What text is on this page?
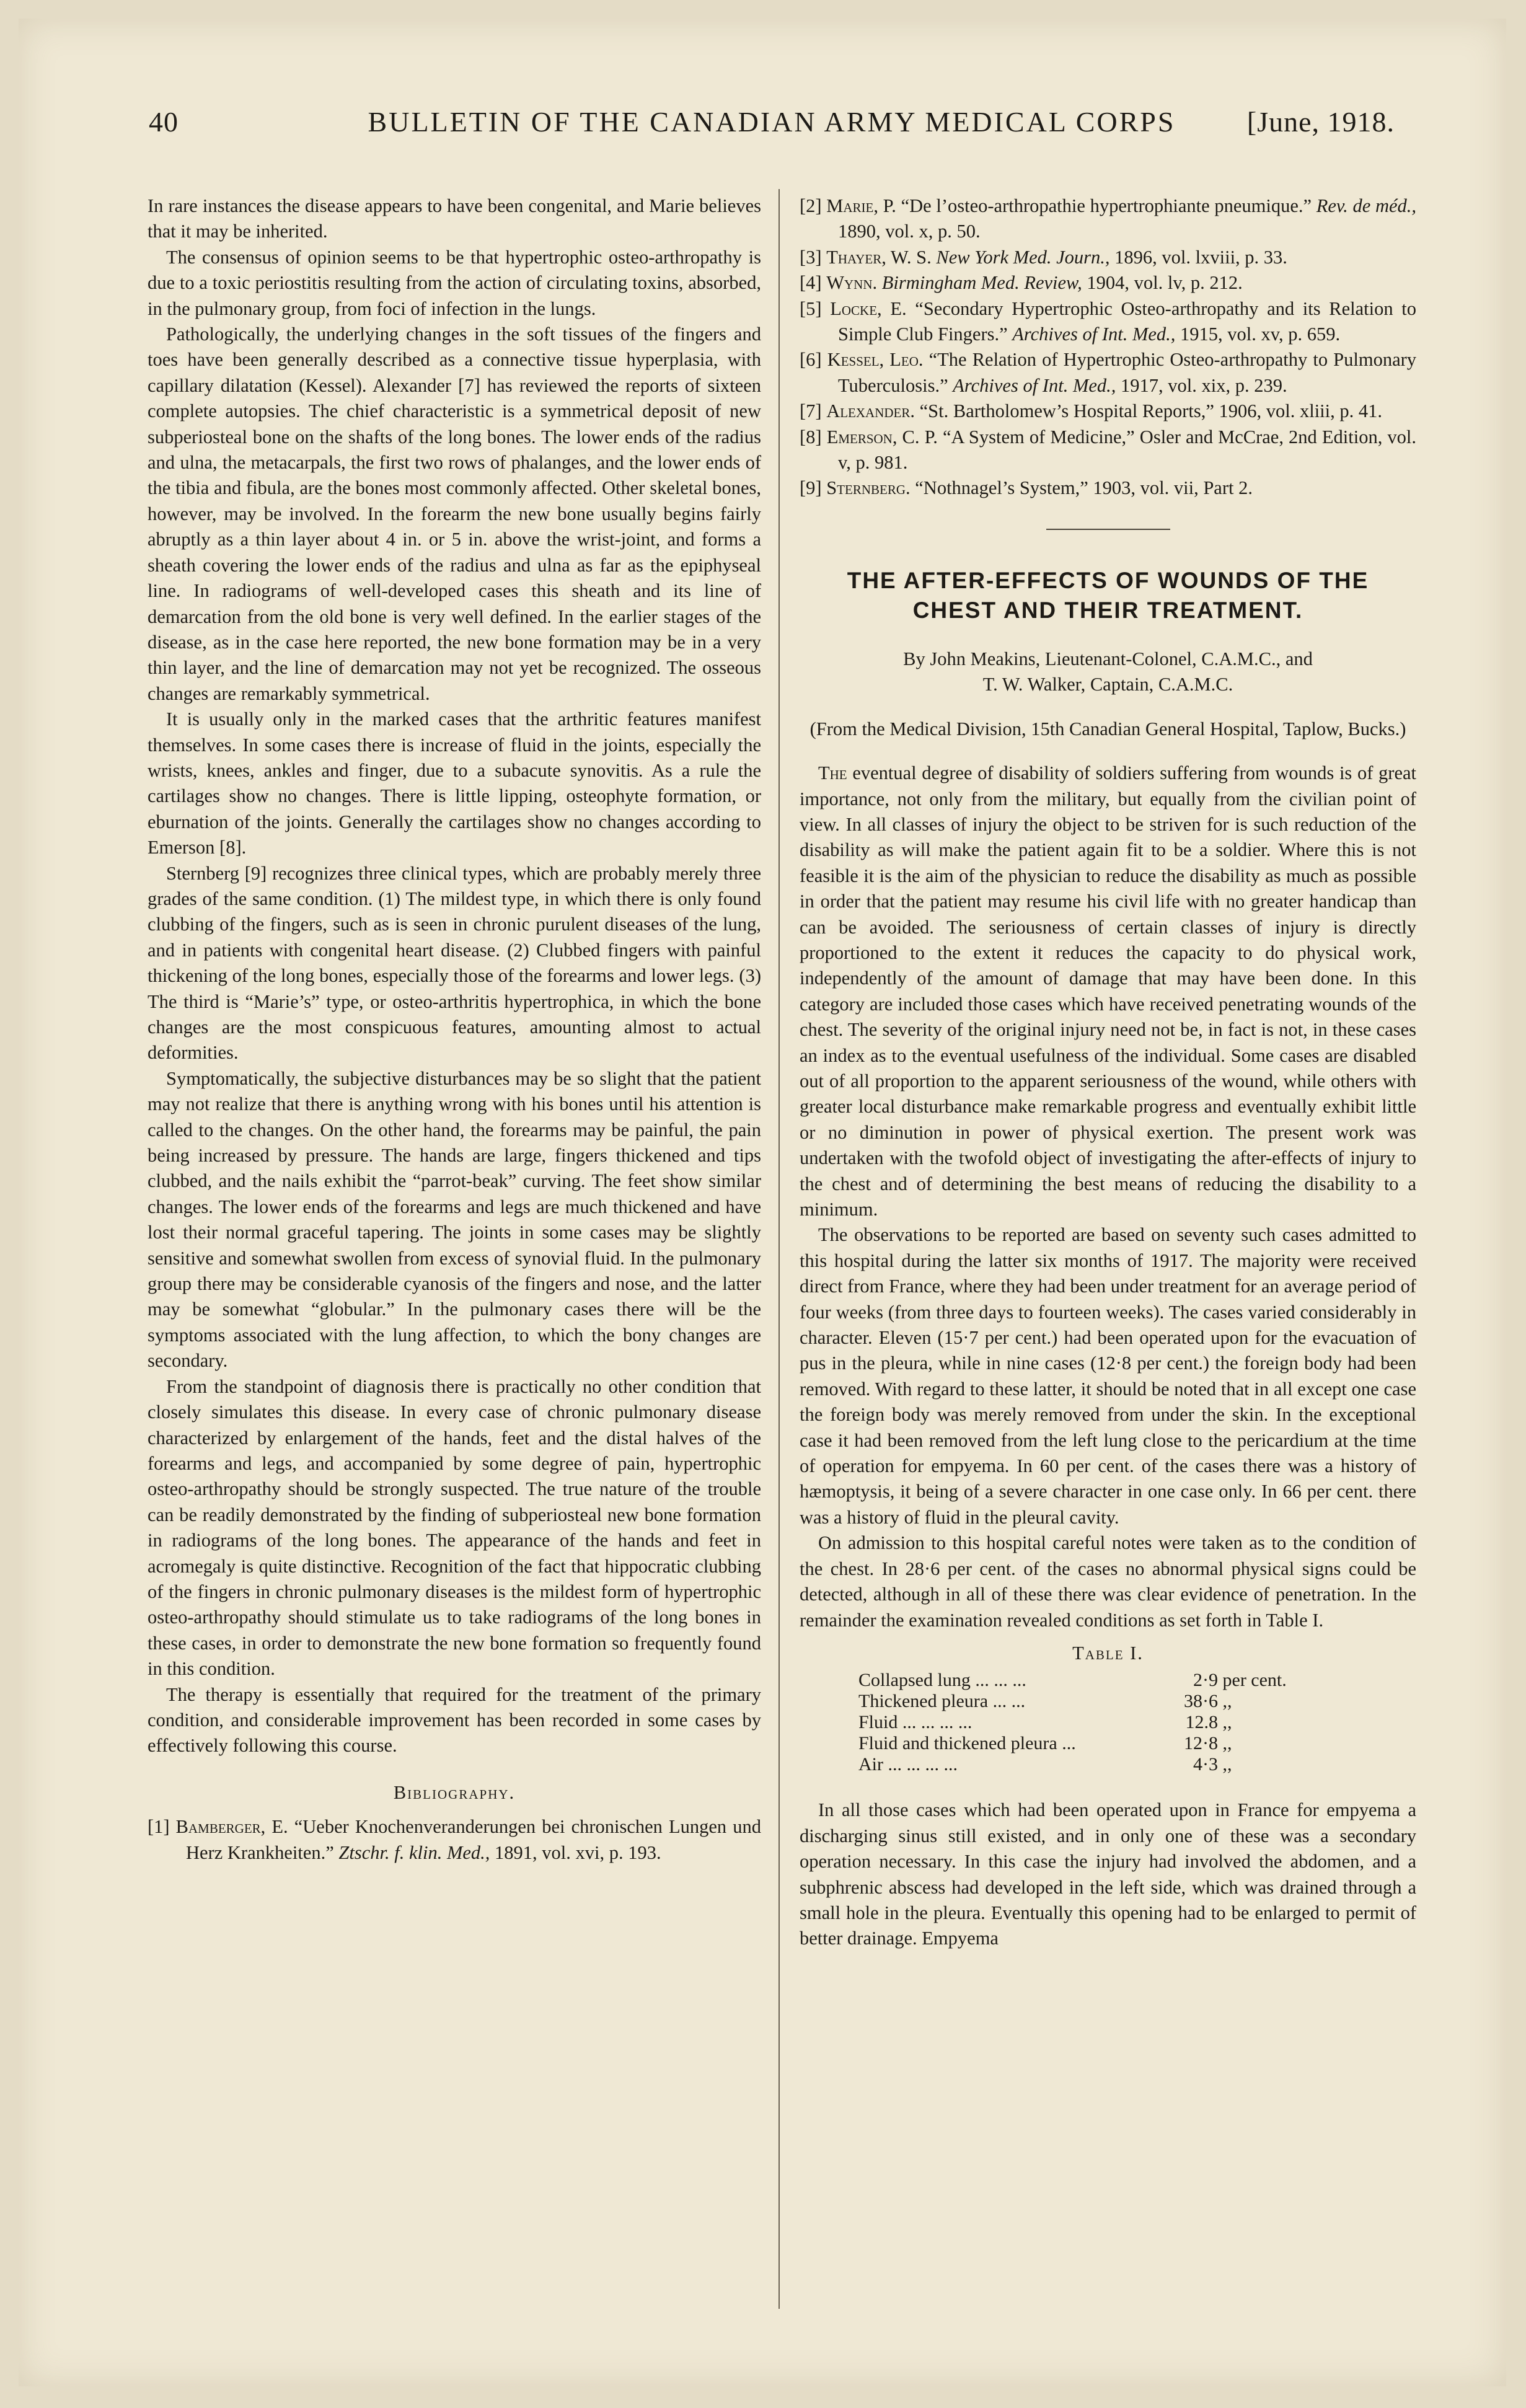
40	BULLETIN OF THE CANADIAN ARMY MEDICAL CORPS	[June, 1918.

In rare instances the disease appears to have been congenital, and Marie believes that it may be inherited.

The consensus of opinion seems to be that hypertrophic osteo-arthropathy is due to a toxic periostitis resulting from the action of circulating toxins, absorbed, in the pulmonary group, from foci of infection in the lungs.

Pathologically, the underlying changes in the soft tissues of the fingers and toes have been generally described as a connective tissue hyperplasia, with capillary dilatation (Kessel). Alexander [7] has reviewed the reports of sixteen complete autopsies. The chief characteristic is a symmetrical deposit of new subperiosteal bone on the shafts of the long bones. The lower ends of the radius and ulna, the metacarpals, the first two rows of phalanges, and the lower ends of the tibia and fibula, are the bones most commonly affected. Other skeletal bones, however, may be involved. In the forearm the new bone usually begins fairly abruptly as a thin layer about 4 in. or 5 in. above the wrist-joint, and forms a sheath covering the lower ends of the radius and ulna as far as the epiphyseal line. In radiograms of well-developed cases this sheath and its line of demarcation from the old bone is very well defined. In the earlier stages of the disease, as in the case here reported, the new bone formation may be in a very thin layer, and the line of demarcation may not yet be recognized. The osseous changes are remarkably symmetrical.

It is usually only in the marked cases that the arthritic features manifest themselves. In some cases there is increase of fluid in the joints, especially the wrists, knees, ankles and finger, due to a subacute synovitis. As a rule the cartilages show no changes. There is little lipping, osteophyte formation, or eburnation of the joints. Generally the cartilages show no changes according to Emerson [8].

Sternberg [9] recognizes three clinical types, which are probably merely three grades of the same condition. (1) The mildest type, in which there is only found clubbing of the fingers, such as is seen in chronic purulent diseases of the lung, and in patients with congenital heart disease. (2) Clubbed fingers with painful thickening of the long bones, especially those of the forearms and lower legs. (3) The third is “Marie’s” type, or osteo-arthritis hypertrophica, in which the bone changes are the most conspicuous features, amounting almost to actual deformities.

Symptomatically, the subjective disturbances may be so slight that the patient may not realize that there is anything wrong with his bones until his attention is called to the changes. On the other hand, the forearms may be painful, the pain being increased by pressure. The hands are large, fingers thickened and tips clubbed, and the nails exhibit the “parrot-beak” curving. The feet show similar changes. The lower ends of the forearms and legs are much thickened and have lost their normal graceful tapering. The joints in some cases may be slightly sensitive and somewhat swollen from excess of synovial fluid. In the pulmonary group there may be considerable cyanosis of the fingers and nose, and the latter may be somewhat “globular.” In the pulmonary cases there will be the symptoms associated with the lung affection, to which the bony changes are secondary.

From the standpoint of diagnosis there is practically no other condition that closely simulates this disease. In every case of chronic pulmonary disease characterized by enlargement of the hands, feet and the distal halves of the forearms and legs, and accompanied by some degree of pain, hypertrophic osteo-arthropathy should be strongly suspected. The true nature of the trouble can be readily demonstrated by the finding of subperiosteal new bone formation in radiograms of the long bones. The appearance of the hands and feet in acromegaly is quite distinctive. Recognition of the fact that hippocratic clubbing of the fingers in chronic pulmonary diseases is the mildest form of hypertrophic osteo-arthropathy should stimulate us to take radiograms of the long bones in these cases, in order to demonstrate the new bone formation so frequently found in this condition.

The therapy is essentially that required for the treatment of the primary condition, and considerable improvement has been recorded in some cases by effectively following this course.

Bibliography.
[1] Bamberger, E. “Ueber Knochenveranderungen bei chronischen Lungen und Herz Krankheiten.” Ztschr. f. klin. Med., 1891, vol. xvi, p. 193.
[2] Marie, P. “De l’osteo-arthropathie hypertrophiante pneumique.” Rev. de méd., 1890, vol. x, p. 50.
[3] Thayer, W. S. New York Med. Journ., 1896, vol. lxviii, p. 33.
[4] Wynn. Birmingham Med. Review, 1904, vol. lv, p. 212.
[5] Locke, E. “Secondary Hypertrophic Osteo-arthropathy and its Relation to Simple Club Fingers.” Archives of Int. Med., 1915, vol. xv, p. 659.
[6] Kessel, Leo. “The Relation of Hypertrophic Osteo-arthropathy to Pulmonary Tuberculosis.” Archives of Int. Med., 1917, vol. xix, p. 239.
[7] Alexander. “St. Bartholomew’s Hospital Reports,” 1906, vol. xliii, p. 41.
[8] Emerson, C. P. “A System of Medicine,” Osler and McCrae, 2nd Edition, vol. v, p. 981.
[9] Sternberg. “Nothnagel’s System,” 1903, vol. vii, Part 2.
THE AFTER-EFFECTS OF WOUNDS OF THE
CHEST AND THEIR TREATMENT.
By John Meakins, Lieutenant-Colonel, C.A.M.C., and
T. W. Walker, Captain, C.A.M.C.
(From the Medical Division, 15th Canadian General Hospital, Taplow, Bucks.)

The eventual degree of disability of soldiers suffering from wounds is of great importance, not only from the military, but equally from the civilian point of view. In all classes of injury the object to be striven for is such reduction of the disability as will make the patient again fit to be a soldier. Where this is not feasible it is the aim of the physician to reduce the disability as much as possible in order that the patient may resume his civil life with no greater handicap than can be avoided. The seriousness of certain classes of injury is directly proportioned to the extent it reduces the capacity to do physical work, independently of the amount of damage that may have been done. In this category are included those cases which have received penetrating wounds of the chest. The severity of the original injury need not be, in fact is not, in these cases an index as to the eventual usefulness of the individual. Some cases are disabled out of all proportion to the apparent seriousness of the wound, while others with greater local disturbance make remarkable progress and eventually exhibit little or no diminution in power of physical exertion. The present work was undertaken with the twofold object of investigating the after-effects of injury to the chest and of determining the best means of reducing the disability to a minimum.

The observations to be reported are based on seventy such cases admitted to this hospital during the latter six months of 1917. The majority were received direct from France, where they had been under treatment for an average period of four weeks (from three days to fourteen weeks). The cases varied considerably in character. Eleven (15·7 per cent.) had been operated upon for the evacuation of pus in the pleura, while in nine cases (12·8 per cent.) the foreign body had been removed. With regard to these latter, it should be noted that in all except one case the foreign body was merely removed from under the skin. In the exceptional case it had been removed from the left lung close to the pericardium at the time of operation for empyema. In 60 per cent. of the cases there was a history of hæmoptysis, it being of a severe character in one case only. In 66 per cent. there was a history of fluid in the pleural cavity.

On admission to this hospital careful notes were taken as to the condition of the chest. In 28·6 per cent. of the cases no abnormal physical signs could be detected, although in all of these there was clear evidence of penetration. In the remainder the examination revealed conditions as set forth in Table I.

Table I.
Collapsed lung ... ... ...	2·9	per cent.
Thickened pleura ... ...	38·6	,,
Fluid ... ... ... ...	12.8	,,
Fluid and thickened pleura ...	12·8	,,
Air ... ... ... ...	4·3	,,

In all those cases which had been operated upon in France for empyema a discharging sinus still existed, and in only one of these was a secondary operation necessary. In this case the injury had involved the abdomen, and a subphrenic abscess had developed in the left side, which was drained through a small hole in the pleura. Eventually this opening had to be enlarged to permit of better drainage. Empyema
